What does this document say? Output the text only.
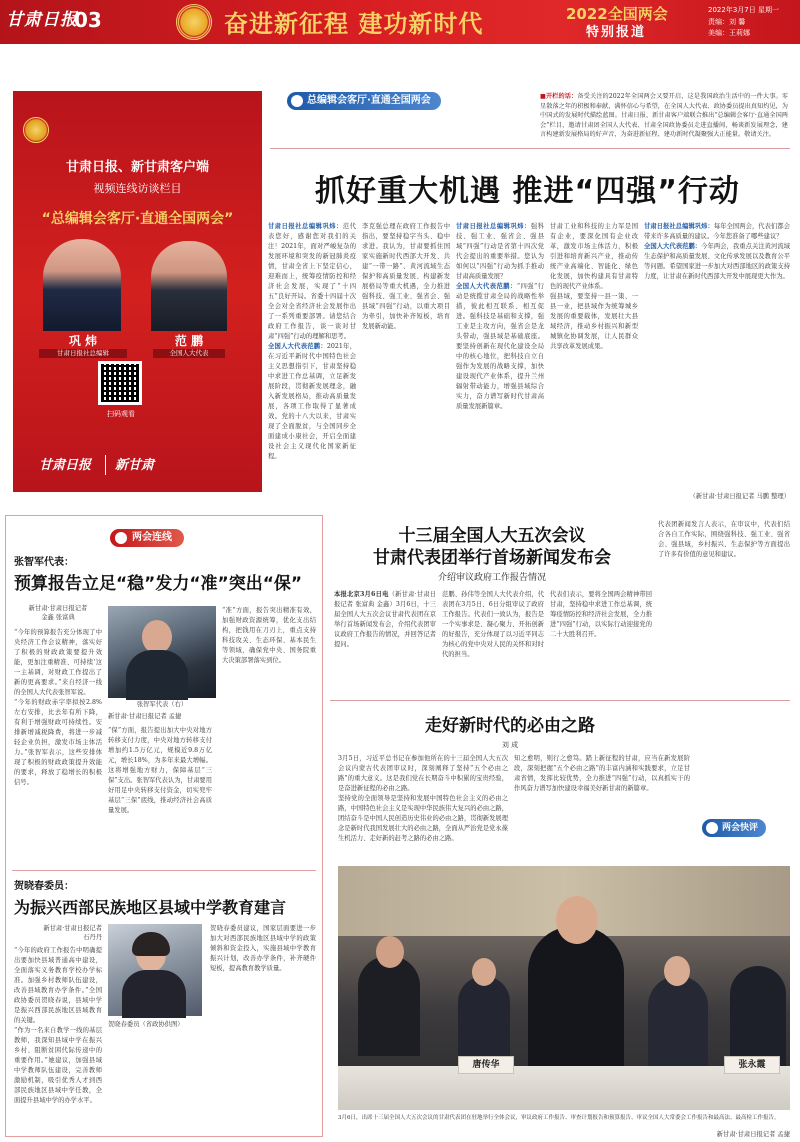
甘肃日报
03	奋进新征程 建功新时代	2022全国两会
特别报道
2022年3月7日 星期一
责编：刘 馨
美编：王莉娜
甘肃日报、新甘肃客户端
视频连线访谈栏目
“总编辑会客厅·直通全国两会”
巩 炜
甘肃日报社总编辑
范 鹏
全国人大代表
扫码观看
甘肃日报 新甘肃
总编辑会客厅·直通全国两会	■开栏的话：备受关注的2022年全国两会又要开启，这是我国政治生活中的一件大事。零星散落之年的积极和奉献，满怀信心与希望，在全国人大代表、政协委员提出真知灼见，为中国式的发展时代描绘蓝图。甘肃日报、新甘肃客户端联合推出“总编辑会客厅·直通全国两会”栏目，邀请甘肃团全国人大代表、甘肃全国政协委员走进直播间，畅谈新发展理念，建言构建新发展格局的好声音，为奋进新征程、建功新时代凝聚强大正能量。敬请关注。
抓好重大机遇 推进“四强”行动
甘肃日报社总编辑巩炜：范代表您好，感谢您对我们的关注！2021年，面对严峻复杂的发展环境和突发的新冠肺炎疫情，甘肃全省上下坚定信心，迎难而上，统筹疫情防控和经济社会发展，实现了“十四五”良好开局。省委十四届十次全会对全省经济社会发展作出了一系列重要部署。请您结合政府工作报告，谈一谈对甘肃“四强”行动的理解和思考。
全国人大代表范鹏：2021年，在习近平新时代中国特色社会主义思想指引下，甘肃坚持稳中求进工作总基调，立足新发展阶段，贯彻新发展理念，融入新发展格局，推动高质量发展，各项工作取得了显著成效。党的十八大以来，甘肃实现了全面脱贫，与全国同步全面建成小康社会，开启全面建设社会主义现代化国家新征程。
李克强总理在政府工作报告中指出，要坚持稳字当头、稳中求进。我认为，甘肃要抓住国家实施新时代西部大开发、共建“一带一路”、黄河流域生态保护和高质量发展、构建新发展格局等重大机遇，全力推进强科技、强工业、强省会、强县域“四强”行动，以重大项目为牵引，加快补齐短板，培育发展新动能。
甘肃日报社总编辑巩炜：强科技、强工业、强省会、强县域“四强”行动是省第十四次党代会提出的重要举措。您认为如何以“四强”行动为抓手推动甘肃高质量发展？
全国人大代表范鹏：“四强”行动是统揽甘肃全局的战略性举措，彼此相互联系、相互促进。强科技是基础和支撑，强工业是主攻方向，强省会是龙头带动，强县域是基础底座。要坚持创新在现代化建设全局中的核心地位，把科技自立自强作为发展的战略支撑，加快建设现代产业体系，提升兰州辐射带动能力，增强县域综合实力，奋力谱写新时代甘肃高质量发展新篇章。
甘肃工业和科技的主力军是国有企业，要深化国有企业改革，激发市场主体活力，积极引进和培育新兴产业，推动传统产业高端化、智能化、绿色化发展，加快构建具有甘肃特色的现代产业体系。
强县域，要坚持一县一策、一县一业，把县域作为统筹城乡发展的重要载体，发展壮大县域经济，推动乡村振兴和新型城镇化协调发展，让人民群众共享改革发展成果。
甘肃日报社总编辑巩炜：每年全国两会，代表们都会带来许多高质量的建议。今年您准备了哪些建议？
全国人大代表范鹏：今年两会，我重点关注黄河流域生态保护和高质量发展、文化传承发展以及教育公平等问题。希望国家进一步加大对西部地区的政策支持力度，让甘肃在新时代西部大开发中展现更大作为。
（新甘肃·甘肃日报记者 马鹏 整理）
两会连线
张智军代表：
预算报告立足“稳”发力“准”突出“保”
新甘肃·甘肃日报记者
金鑫 张富典
“今年的预算报告充分体现了中央经济工作会议精神，落实好了积极的财政政策要提升效能，更加注重精准、可持续‘这一主基调，对财政工作提出了新的更高要求。”来自经济一线的全国人大代表张智军说。
“今年的财政赤字率拟按2.8%左右安排，比去年有所下降，有利于增强财政可持续性。安排新增减税降费，将进一步减轻企业负担，激发市场主体活力。”张智军表示，这些安排体现了积极的财政政策提升效能的要求，释放了稳增长的积极信号。
张智军代表（右）
新甘肃·甘肃日报记者 孟捷
“保”方面，报告提出加大中央对地方转移支付力度，中央对地方转移支付增加约1.5万亿元，规模近9.8万亿元，增长18%，为多年来最大增幅。这将增强地方财力，保障基层“三保”支出。张智军代表认为，甘肃要用好用足中央转移支付资金，切实兜牢基层“三保”底线，推动经济社会高质量发展。
“准”方面，报告突出精准有效，加强财政资源统筹，优化支出结构，把钱用在刀刃上，重点支持科技攻关、生态环保、基本民生等领域，确保党中央、国务院重大决策部署落实到位。
贺晓春委员：
为振兴西部民族地区县域中学教育建言
新甘肃·甘肃日报记者
石丹丹
“今年的政府工作报告中明确提出要加快县域普通高中建设，全面落实义务教育学校办学标准。加强乡村教师队伍建设，改善县域教育办学条件。”全国政协委员贺晓春说，县域中学是振兴西部民族地区县域教育的关键。
“作为一名来自教学一线的基层教师，我深知县域中学在振兴乡村、阻断贫困代际传递中的重要作用。”她建议，加强县域中学教师队伍建设，完善教师激励机制，吸引优秀人才到西部民族地区县域中学任教，全面提升县域中学的办学水平。
贺晓春委员（省政协供图）
贺晓春委员建议，国家层面要进一步加大对西部民族地区县域中学的政策倾斜和资金投入，实施县域中学教育振兴计划，改善办学条件，补齐硬件短板，提高教育教学质量。
十三届全国人大五次会议
甘肃代表团举行首场新闻发布会
介绍审议政府工作报告情况
本报北京3月6日电（新甘肃·甘肃日报记者 张富典 金鑫）3月6日，十三届全国人大五次会议甘肃代表团在京举行首场新闻发布会，介绍代表团审议政府工作报告的情况，并回答记者提问。
范鹏、孙伟等全国人大代表介绍，代表团在3月5日、6日分组审议了政府工作报告。代表们一致认为，报告是一个实事求是、凝心聚力、开拓创新的好报告，充分体现了以习近平同志为核心的党中央对人民的关怀和对时代的担当。
代表们表示，要将全国两会精神带回甘肃，坚持稳中求进工作总基调，统筹疫情防控和经济社会发展，全力推进“四强”行动，以实际行动迎接党的二十大胜利召开。
代表团新闻发言人表示，在审议中，代表们结合各自工作实际，围绕强科技、强工业、强省会、强县域，乡村振兴、生态保护等方面提出了许多有价值的意见和建议。
走好新时代的必由之路
刘 成
3月5日，习近平总书记在参加他所在的十三届全国人大五次会议内蒙古代表团审议时，深刻阐释了坚持“五个必由之路”的重大意义。这是我们党在长期奋斗中积累的宝贵经验，是奋进新征程的必由之路。
坚持党的全面领导是坚持和发展中国特色社会主义的必由之路，中国特色社会主义是实现中华民族伟大复兴的必由之路，团结奋斗是中国人民创造历史伟业的必由之路，贯彻新发展理念是新时代我国发展壮大的必由之路，全面从严治党是党永葆生机活力、走好新的赶考之路的必由之路。
知之愈明，则行之愈笃。踏上新征程的甘肃，应当在新发展阶段，深刻把握“五个必由之路”的丰富内涵和实践要求，立足甘肃省情，发挥比较优势，全力推进“四强”行动，以真抓实干的作风奋力谱写加快建设幸福美好新甘肃的新篇章。
两会快评
唐传华	张永霞
3月6日，出席十三届全国人大五次会议的甘肃代表团在驻地举行全体会议，审议政府工作报告、审查计划报告和预算报告、审议全国人大常委会工作报告和最高法、最高检工作报告。
新甘肃·甘肃日报记者 孟捷
